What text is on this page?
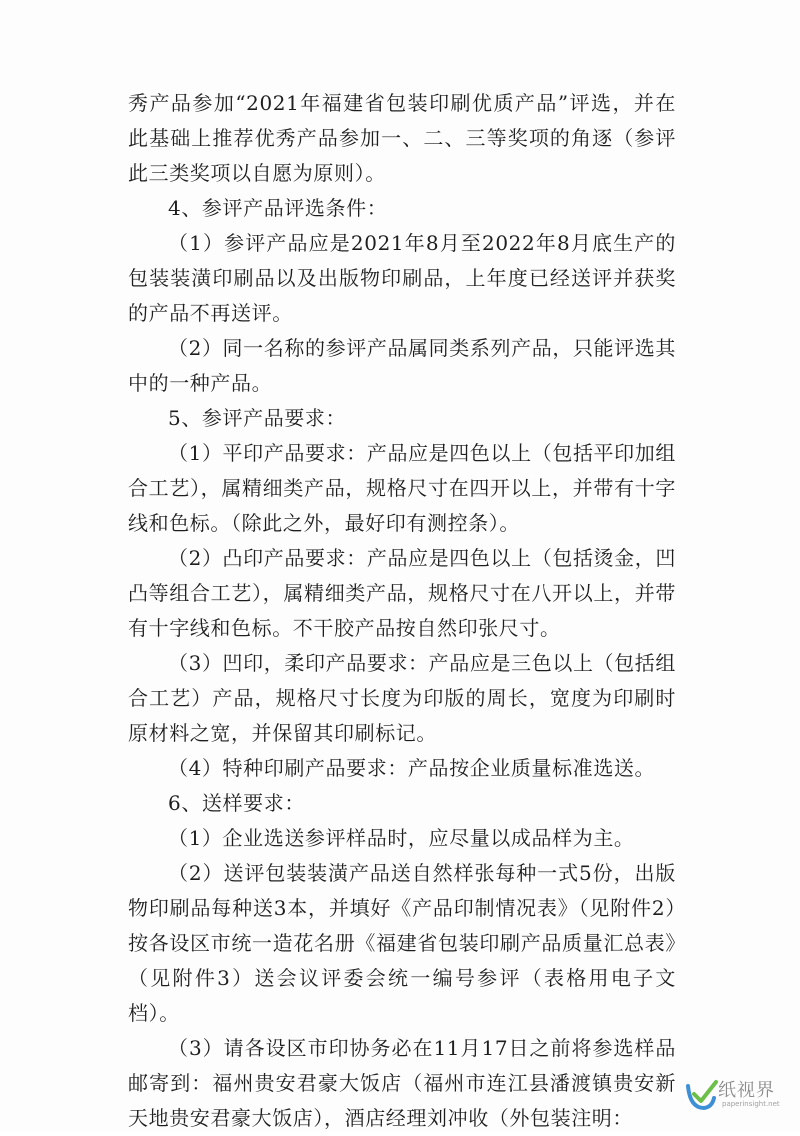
秀产品参加“2021年福建省包装印刷优质产品”评选，并在此基础上推荐优秀产品参加一、二、三等奖项的角逐（参评此三类奖项以自愿为原则）。

4、参评产品评选条件：

（1）参评产品应是2021年8月至2022年8月底生产的包装装潢印刷品以及出版物印刷品，上年度已经送评并获奖的产品不再送评。

（2）同一名称的参评产品属同类系列产品，只能评选其中的一种产品。

5、参评产品要求：

（1）平印产品要求：产品应是四色以上（包括平印加组合工艺），属精细类产品，规格尺寸在四开以上，并带有十字线和色标。（除此之外，最好印有测控条）。

（2）凸印产品要求：产品应是四色以上（包括烫金，凹凸等组合工艺），属精细类产品，规格尺寸在八开以上，并带有十字线和色标。不干胶产品按自然印张尺寸。

（3）凹印，柔印产品要求：产品应是三色以上（包括组合工艺）产品，规格尺寸长度为印版的周长，宽度为印刷时原材料之宽，并保留其印刷标记。

（4）特种印刷产品要求：产品按企业质量标准选送。

6、送样要求：

（1）企业选送参评样品时，应尽量以成品样为主。

（2）送评包装装潢产品送自然样张每种一式5份，出版物印刷品每种送3本，并填好《产品印制情况表》（见附件2）按各设区市统一造花名册《福建省包装印刷产品质量汇总表》（见附件3）送会议评委会统一编号参评（表格用电子文档）。

（3）请各设区市印协务必在11月17日之前将参选样品邮寄到：福州贵安君豪大饭店（福州市连江县潘渡镇贵安新天地贵安君豪大饭店），酒店经理刘冲收（外包装注明：

纸视界
paperinsight.net
